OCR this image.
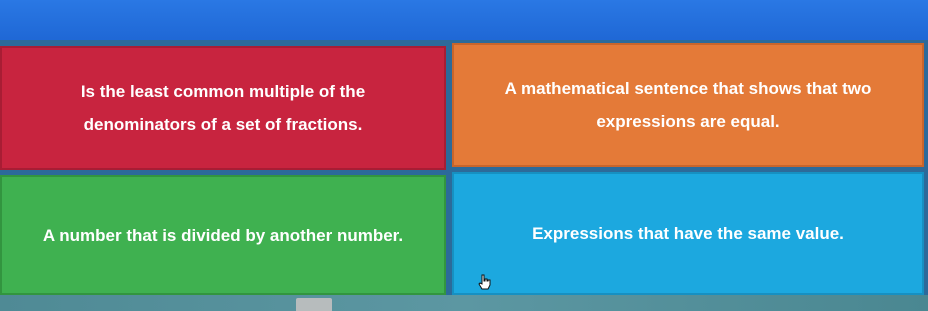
Is the least common multiple of the
denominators of a set of fractions.
A mathematical sentence that shows that two
expressions are equal.
A number that is divided by another number.	Expressions that have the same value.
